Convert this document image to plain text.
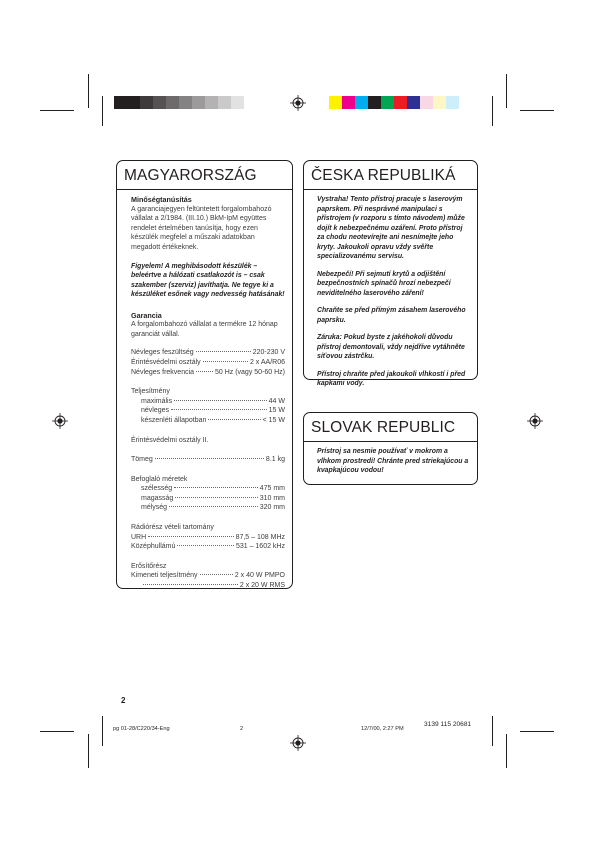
MAGYARORSZÁG
Minőségtanúsítás
A garanciajegyen feltüntetett forgalombahozó vállalat a 2/1984. (III.10.) BkM-IpM együttes rendelet értelmében tanúsítja, hogy ezen készülék megfelel a műszaki adatokban megadott értékeknek.
Figyelem! A meghibásodott készülék – beleértve a hálózati csatlakozót is – csak szakember (szerviz) javíthatja. Ne tegye ki a készüléket esőnek vagy nedvesség hatásának!
Garancia
A forgalombahozó vállalat a termékre 12 hónap garanciát vállal.
Névleges feszültség	220-230 V
Érintésvédelmi osztály	2 x AA/R06
Névleges frekvencia	50 Hz (vagy 50-60 Hz)
Teljesítmény
maximális	44 W
névleges	15 W
készenléti állapotban	< 15 W
Érintésvédelmi osztály II.
Tömeg	8.1 kg
Befoglaló méretek
szélesség	475 mm
magasság	310 mm
mélység	320 mm
Rádiórész vételi tartomány
URH	87,5 – 108 MHz
Középhullámú	531 – 1602 kHz
Erősítőrész
Kimeneti teljesítmény	2 x 40 W PMPO
2 x 20 W RMS
ČESKA REPUBLIKÁ
Vystraha! Tento přístroj pracuje s laserovým paprskem. Při nesprávné manipulaci s přístrojem (v rozporu s tímto návodem) může dojít k nebezpečnému ozáření. Proto přístroj za chodu neotevírejte ani nesnímejte jeho kryty. Jakoukoli opravu vždy svěřte specializovanému servisu.
Nebezpečí! Při sejmutí krytů a odjištění bezpečnostních spínačů hrozí nebezpečí neviditelného laserového záření!
Chraňte se před přímým zásahem laserového paprsku.
Záruka: Pokud byste z jakéhokoli důvodu přístroj demontovali, vždy nejdříve vytáhněte síťovou zástrčku.
Přístroj chraňte před jakoukoli vlhkostí i před kapkami vody.
SLOVAK REPUBLIC
Prístroj sa nesmie používať v mokrom a vlhkom prostredí! Chránte pred striekajúcou a kvapkajúcou vodou!
2
pg 01-28/C220/34-Eng	2	12/7/00, 2:27 PM
3139 115 20681
